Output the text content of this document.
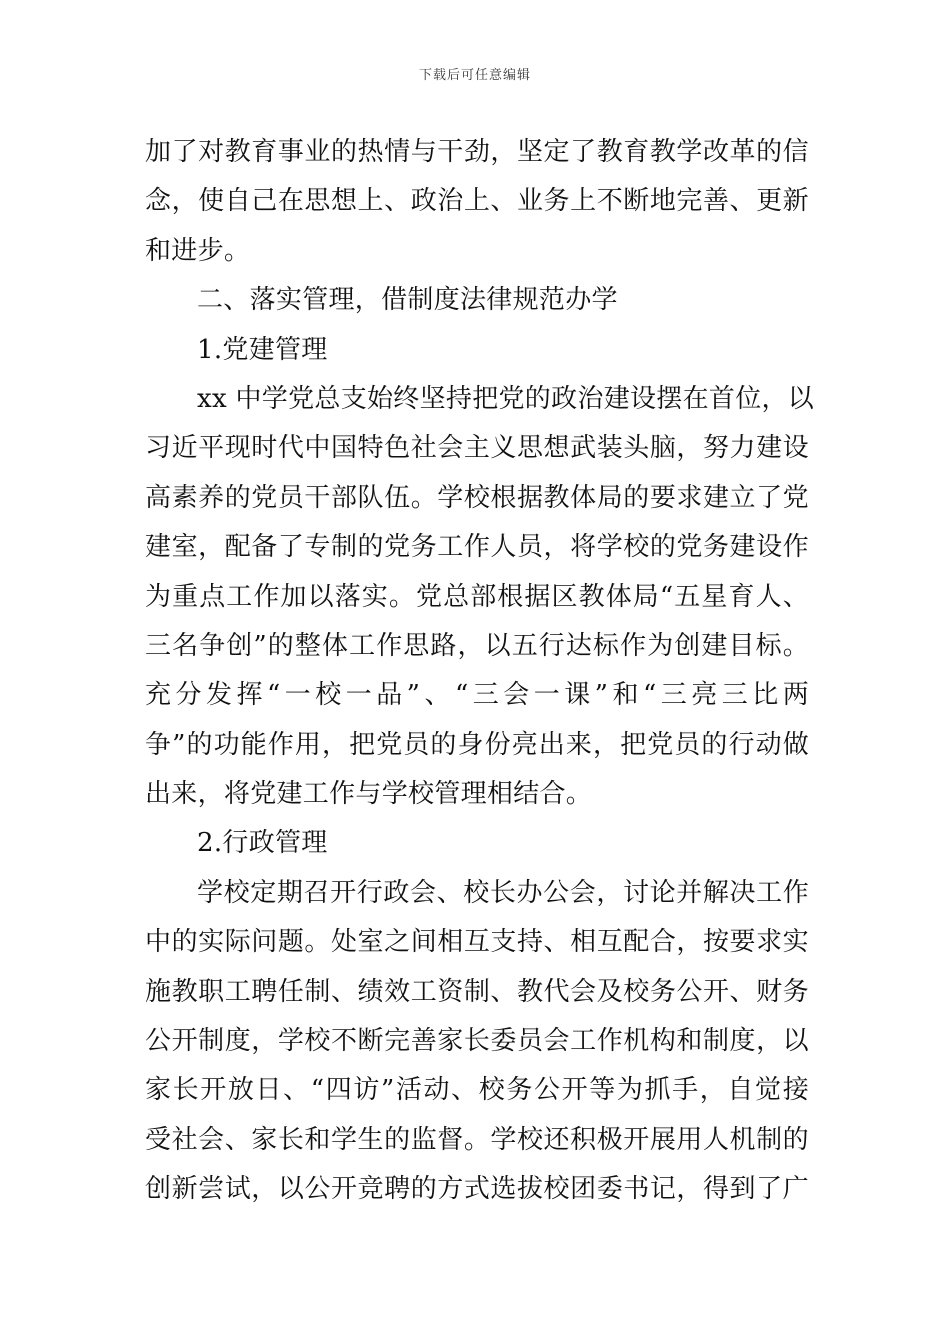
下载后可任意编辑
加了对教育事业的热情与干劲，坚定了教育教学改革的信
念，使自己在思想上、政治上、业务上不断地完善、更新
和进步。
二、落实管理，借制度法律规范办学
1.党建管理
xx 中学党总支始终坚持把党的政治建设摆在首位，以
习近平现时代中国特色社会主义思想武装头脑，努力建设
高素养的党员干部队伍。学校根据教体局的要求建立了党
建室，配备了专制的党务工作人员，将学校的党务建设作
为重点工作加以落实。党总部根据区教体局“五星育人、
三名争创”的整体工作思路，以五行达标作为创建目标。
充分发挥“一校一品”、“三会一课”和“三亮三比两
争”的功能作用，把党员的身份亮出来，把党员的行动做
出来，将党建工作与学校管理相结合。
2.行政管理
学校定期召开行政会、校长办公会，讨论并解决工作
中的实际问题。处室之间相互支持、相互配合，按要求实
施教职工聘任制、绩效工资制、教代会及校务公开、财务
公开制度，学校不断完善家长委员会工作机构和制度，以
家长开放日、“四访”活动、校务公开等为抓手，自觉接
受社会、家长和学生的监督。学校还积极开展用人机制的
创新尝试，以公开竞聘的方式选拔校团委书记，得到了广
